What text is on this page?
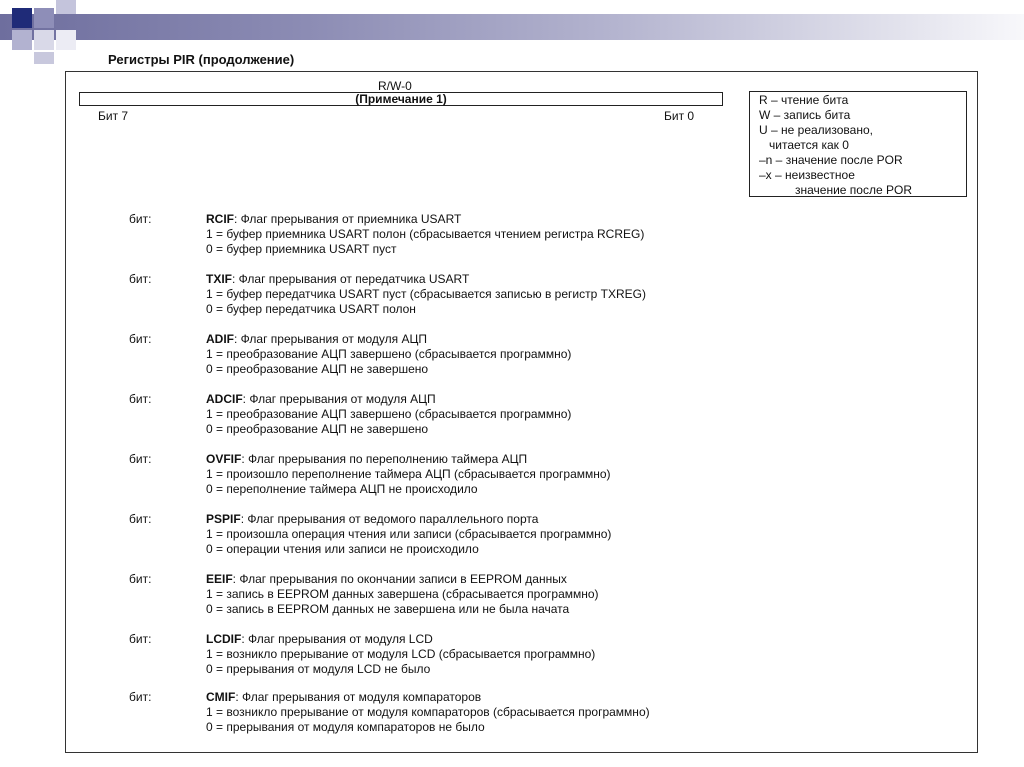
Регистры PIR (продолжение)
R/W-0
(Примечание 1)
Бит 7	Бит 0
R – чтение бита
W – запись бита
U – не реализовано,
читается как 0
–n – значение после POR
–x – неизвестное
значение после POR
бит:	RCIF: Флаг прерывания от приемника USART
1 = буфер приемника USART полон (сбрасывается чтением регистра RCREG)
0 = буфер приемника USART пуст
бит:	TXIF: Флаг прерывания от передатчика USART
1 = буфер передатчика USART пуст (сбрасывается записью в регистр TXREG)
0 = буфер передатчика USART полон
бит:	ADIF: Флаг прерывания от модуля АЦП
1 = преобразование АЦП завершено (сбрасывается программно)
0 = преобразование АЦП не завершено
бит:	ADCIF: Флаг прерывания от модуля АЦП
1 = преобразование АЦП завершено (сбрасывается программно)
0 = преобразование АЦП не завершено
бит:	OVFIF: Флаг прерывания по переполнению таймера АЦП
1 = произошло переполнение таймера АЦП (сбрасывается программно)
0 = переполнение таймера АЦП не происходило
бит:	PSPIF: Флаг прерывания от ведомого параллельного порта
1 = произошла операция чтения или записи (сбрасывается программно)
0 = операции чтения или записи не происходило
бит:	EEIF: Флаг прерывания по окончании записи в EEPROM данных
1 = запись в EEPROM данных завершена (сбрасывается программно)
0 = запись в EEPROM данных не завершена или не была начата
бит:	LCDIF: Флаг прерывания от модуля LCD
1 = возникло прерывание от модуля LCD (сбрасывается программно)
0 = прерывания от модуля LCD не было
бит:	CMIF: Флаг прерывания от модуля компараторов
1 = возникло прерывание от модуля компараторов (сбрасывается программно)
0 = прерывания от модуля компараторов не было
